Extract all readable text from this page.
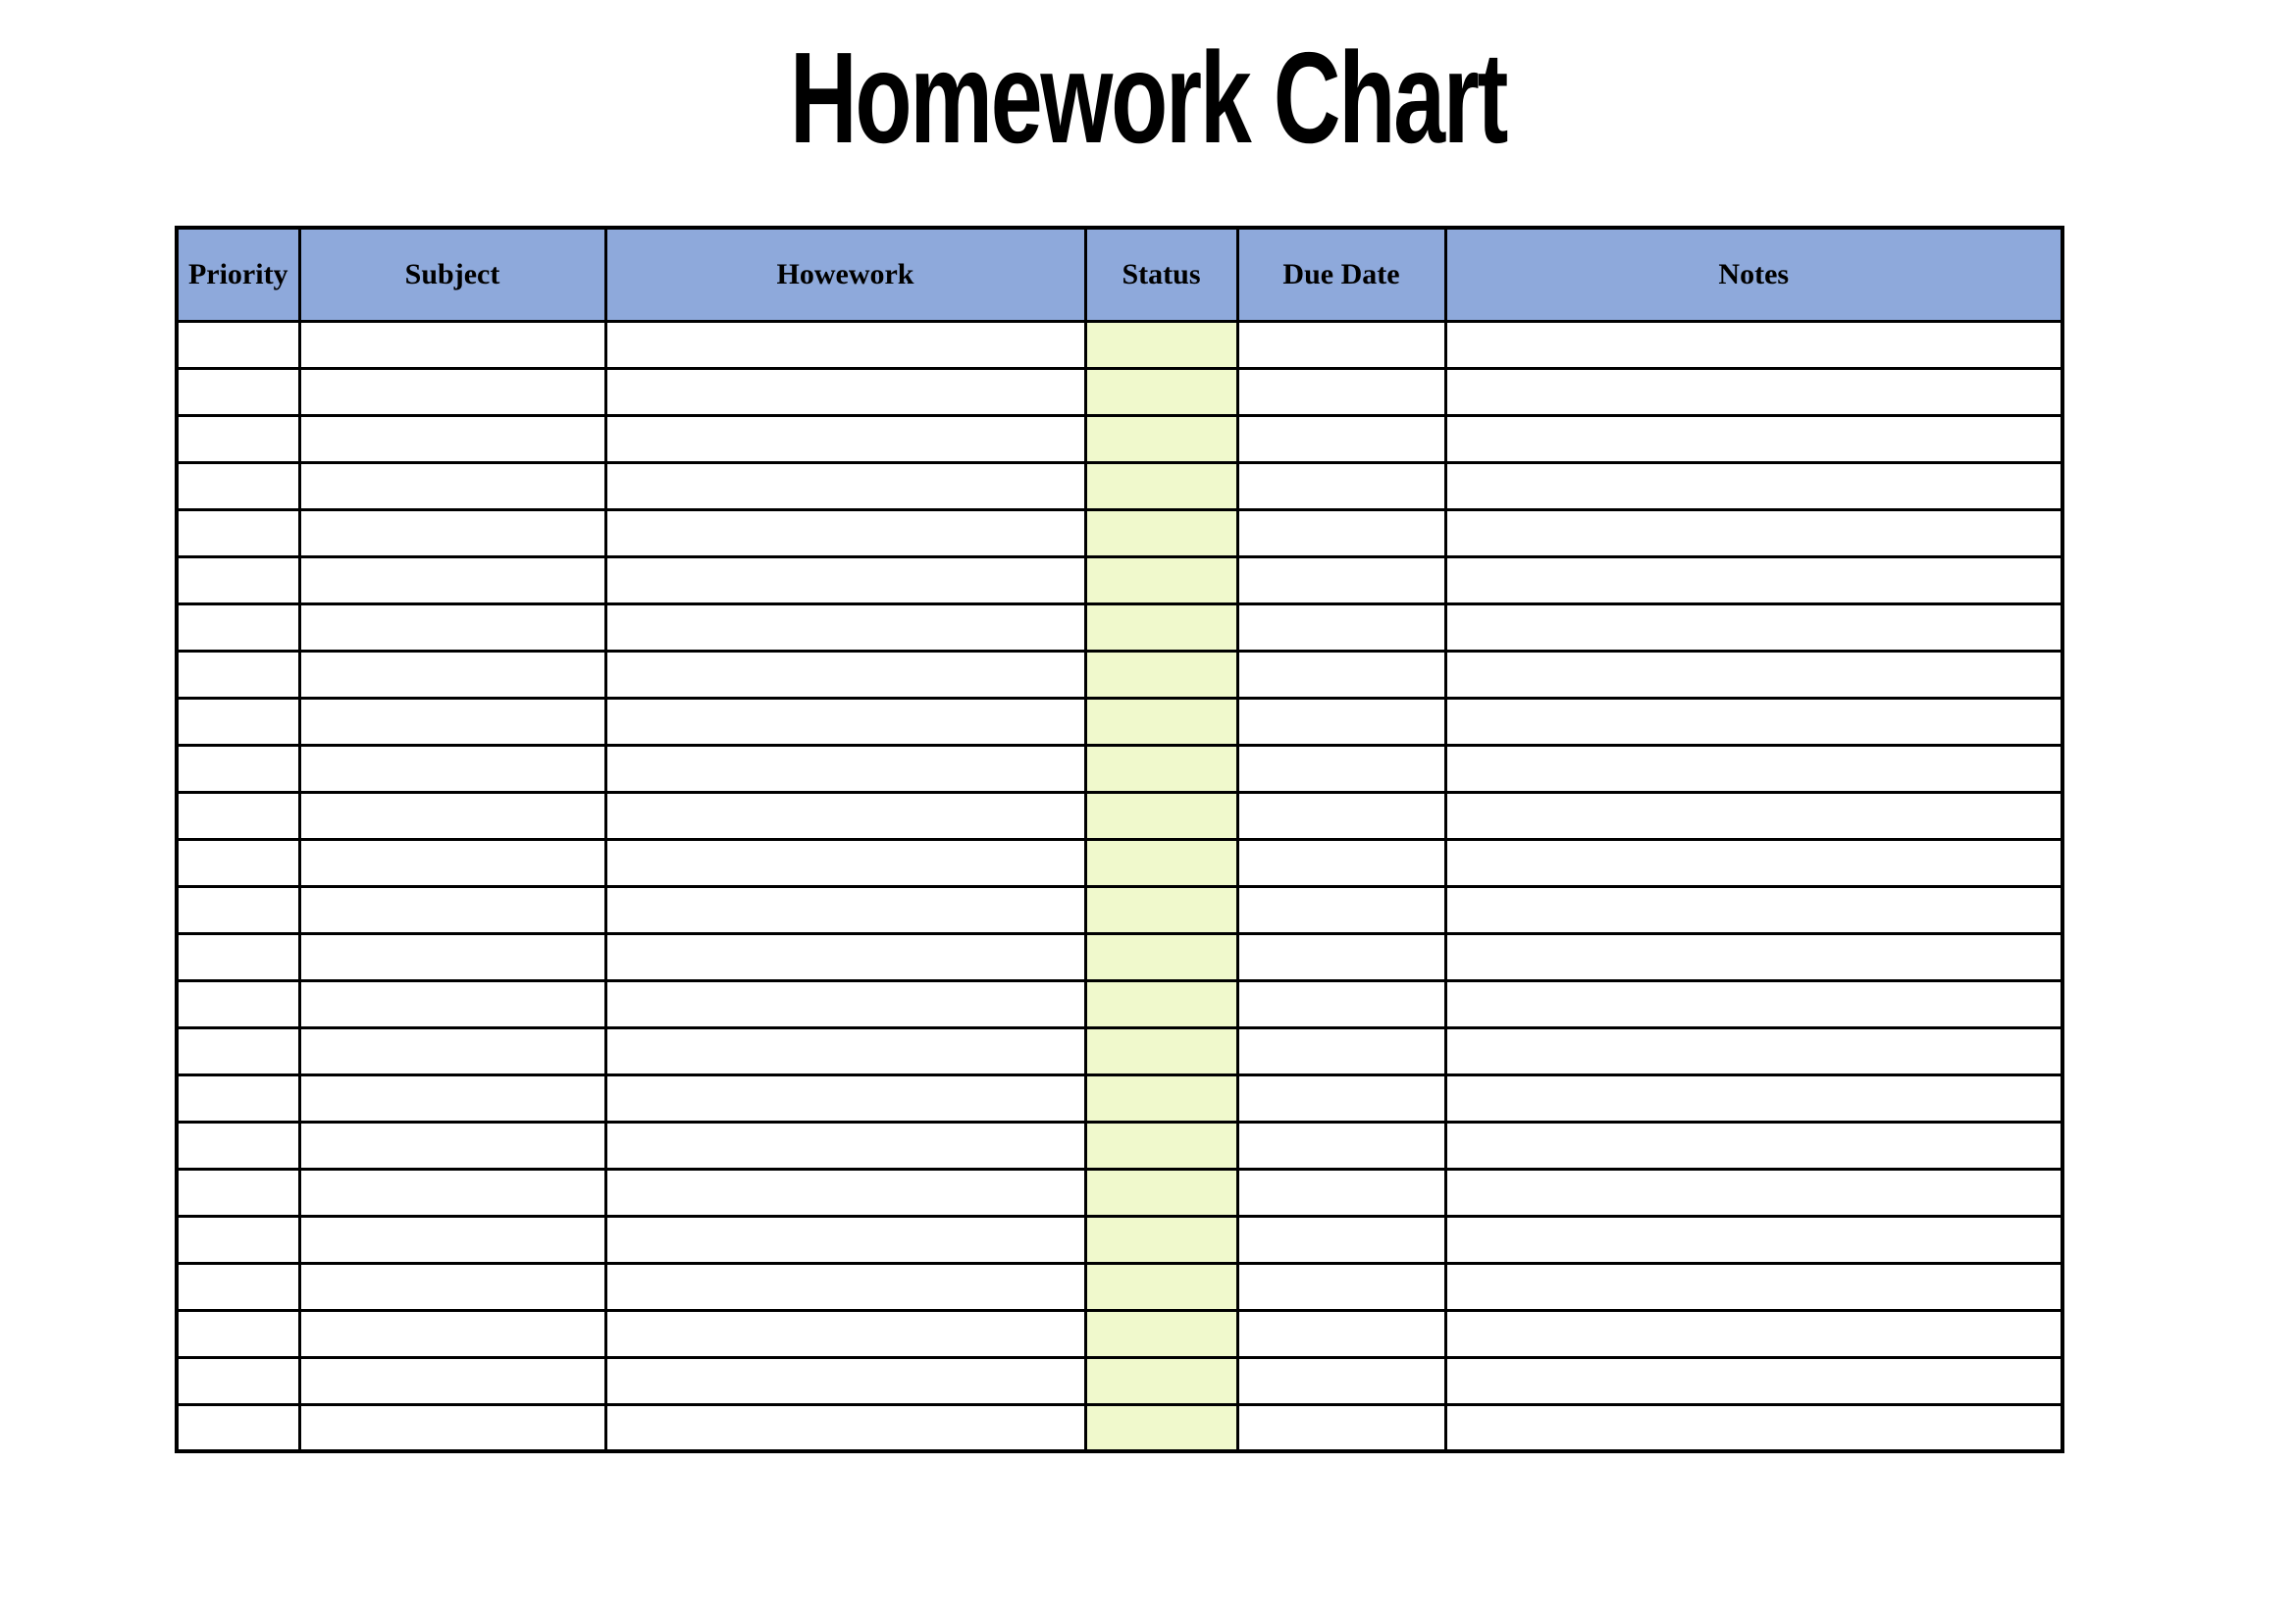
Homework Chart
Priority	Subject	Howework	Status	Due Date	Notes
